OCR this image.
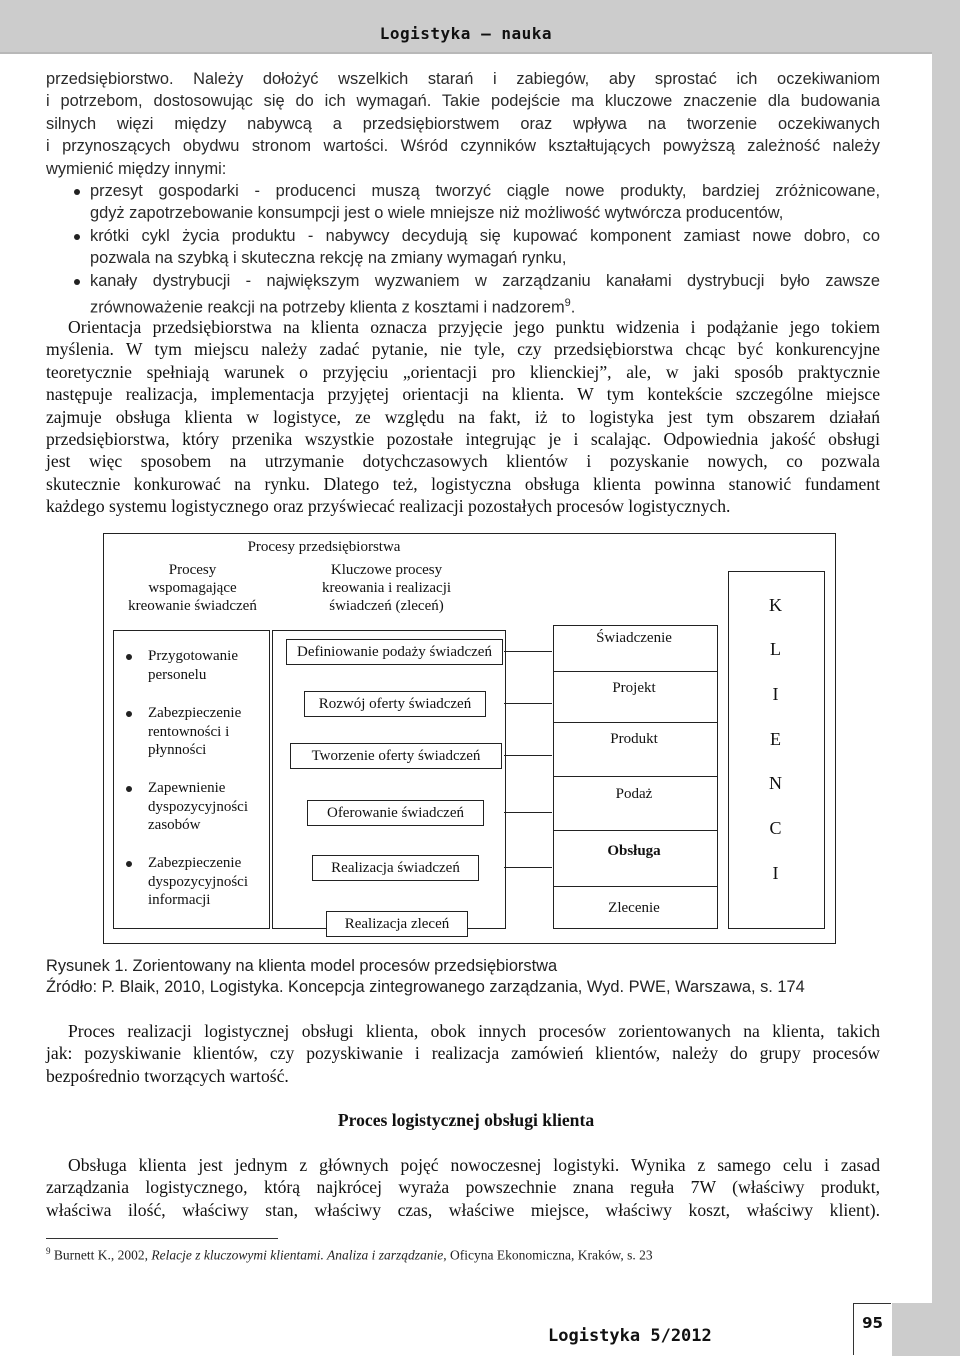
Logistyka – nauka
przedsiębiorstwo. Należy dołożyć wszelkich starań i zabiegów, aby sprostać ich oczekiwaniom
i potrzebom, dostosowując się do ich wymagań. Takie podejście ma kluczowe znaczenie dla budowania
silnych więzi między nabywcą a przedsiębiorstwem oraz wpływa na tworzenie oczekiwanych
i przynoszących obydwu stronom wartości. Wśród czynników kształtujących powyższą zależność należy
wymienić między innymi:
przesyt gospodarki - producenci muszą tworzyć ciągle nowe produkty, bardziej zróżnicowane,
gdyż zapotrzebowanie konsumpcji jest o wiele mniejsze niż możliwość wytwórcza producentów,
krótki cykl życia produktu - nabywcy decydują się kupować komponent zamiast nowe dobro, co
pozwala na szybką i skuteczna rekcję na zmiany wymagań rynku,
kanały dystrybucji - największym wyzwaniem w zarządzaniu kanałami dystrybucji było zawsze
zrównoważenie reakcji na potrzeby klienta z kosztami i nadzorem$^9$.
Orientacja przedsiębiorstwa na klienta oznacza przyjęcie jego punktu widzenia i podążanie jego tokiem
myślenia. W tym miejscu należy zadać pytanie, nie tyle, czy przedsiębiorstwa chcąc być konkurencyjne
teoretycznie spełniają warunek o przyjęciu „orientacji pro klienckiej”, ale, w jaki sposób praktycznie
następuje realizacja, implementacja przyjętej orientacji na klienta. W tym kontekście szczególne miejsce
zajmuje obsługa klienta w logistyce, ze względu na fakt, iż to logistyka jest tym obszarem działań
przedsiębiorstwa, który przenika wszystkie pozostałe integrując je i scalając. Odpowiednia jakość obsługi
jest więc sposobem na utrzymanie dotychczasowych klientów i pozyskanie nowych, co pozwala
skutecznie konkurować na rynku. Dlatego też, logistyczna obsługa klienta powinna stanowić fundament
każdego systemu logistycznego oraz przyświecać realizacji pozostałych procesów logistycznych.
Procesy przedsiębiorstwa
Procesy
wspomagające
kreowanie świadczeń
Kluczowe procesy
kreowania i realizacji
świadczeń (zleceń)
Przygotowanie
personelu
Zabezpieczenie
rentowności i
płynności
Zapewnienie
dyspozycyjności
zasobów
Zabezpieczenie
dyspozycyjności
informacji
Definiowanie podaży świadczeń
Rozwój oferty świadczeń
Tworzenie oferty świadczeń
Oferowanie świadczeń
Realizacja świadczeń
Realizacja zleceń
Świadczenie
Projekt
Produkt
Podaż
Obsługa
Zlecenie
K
L
I
E
N
C
I
Rysunek 1. Zorientowany na klienta model procesów przedsiębiorstwa
Źródło: P. Blaik, 2010, Logistyka. Koncepcja zintegrowanego zarządzania, Wyd. PWE, Warszawa, s. 174
Proces realizacji logistycznej obsługi klienta, obok innych procesów zorientowanych na klienta, takich
jak: pozyskiwanie klientów, czy pozyskiwanie i realizacja zamówień klientów, należy do grupy procesów
bezpośrednio tworzących wartość.
Proces logistycznej obsługi klienta
Obsługa klienta jest jednym z głównych pojęć nowoczesnej logistyki. Wynika z samego celu i zasad
zarządzania logistycznego, którą najkrócej wyraża powszechnie znana reguła 7W (właściwy produkt,
właściwa ilość, właściwy stan, właściwy czas, właściwe miejsce, właściwy koszt, właściwy klient).
$^9$ Burnett K., 2002, Relacje z kluczowymi klientami. Analiza i zarządzanie, Oficyna Ekonomiczna, Kraków, s. 23
Logistyka 5/2012
95
